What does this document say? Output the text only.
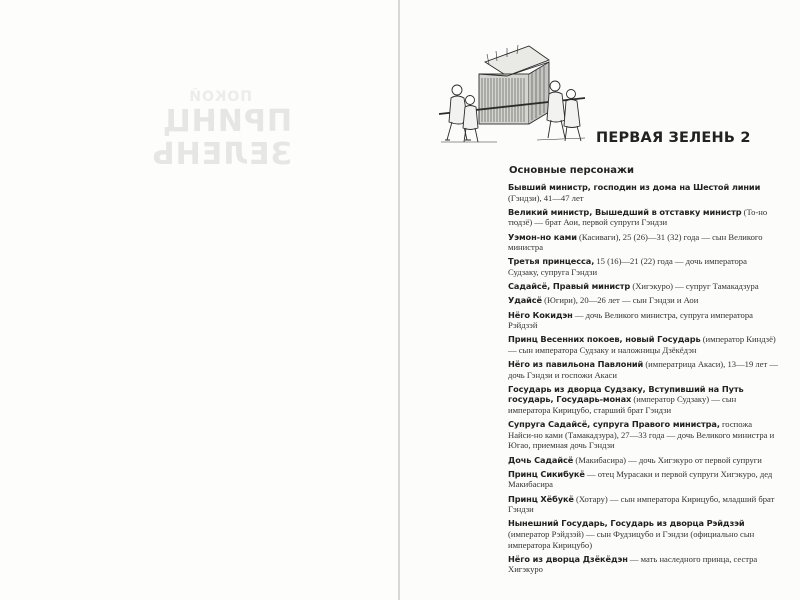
ПОКОЙ
ПРИНЦ
ЗЕЛЕНЬ	ПЕРВАЯ ЗЕЛЕНЬ 2
Основные персонажи
Бывший министр, господин из дома на Шестой линии (Гэндзи), 41—47 лет
Великий министр, Вышедший в отставку министр (То-но тюдзё) — брат Аои, первой супруги Гэндзи
Уэмон-но ками (Касиваги), 25 (26)—31 (32) года — сын Великого министра
Третья принцесса, 15 (16)—21 (22) года — дочь императора Судзаку, супруга Гэндзи
Садайсё, Правый министр (Хигэкуро) — супруг Тамакадзура
Удайсё (Югири), 20—26 лет — сын Гэндзи и Аои
Нёго Кокидэн — дочь Великого министра, супруга императора Рэйдзэй
Принц Весенних покоев, новый Государь (император Киндзё) — сын императора Судзаку и наложницы Дзёкёдэн
Нёго из павильона Павлоний (императрица Акаси), 13—19 лет — дочь Гэндзи и госпожи Акаси
Государь из дворца Судзаку, Вступивший на Путь государь, Государь-монах (император Судзаку) — сын императора Кирицубо, старший брат Гэндзи
Супруга Садайсё, супруга Правого министра, госпожа Найси-но ками (Тамакадзура), 27—33 года — дочь Великого министра и Югао, приемная дочь Гэндзи
Дочь Садайсё (Макибасира) — дочь Хигэкуро от первой супруги
Принц Сикибукё — отец Мурасаки и первой супруги Хигэкуро, дед Макибасира
Принц Хёбукё (Хотару) — сын императора Кирицубо, младший брат Гэндзи
Нынешний Государь, Государь из дворца Рэйдзэй (император Рэйдзэй) — сын Фудзицубо и Гэндзи (официально сын императора Кирицубо)
Нёго из дворца Дзёкёдэн — мать наследного принца, сестра Хигэкуро
